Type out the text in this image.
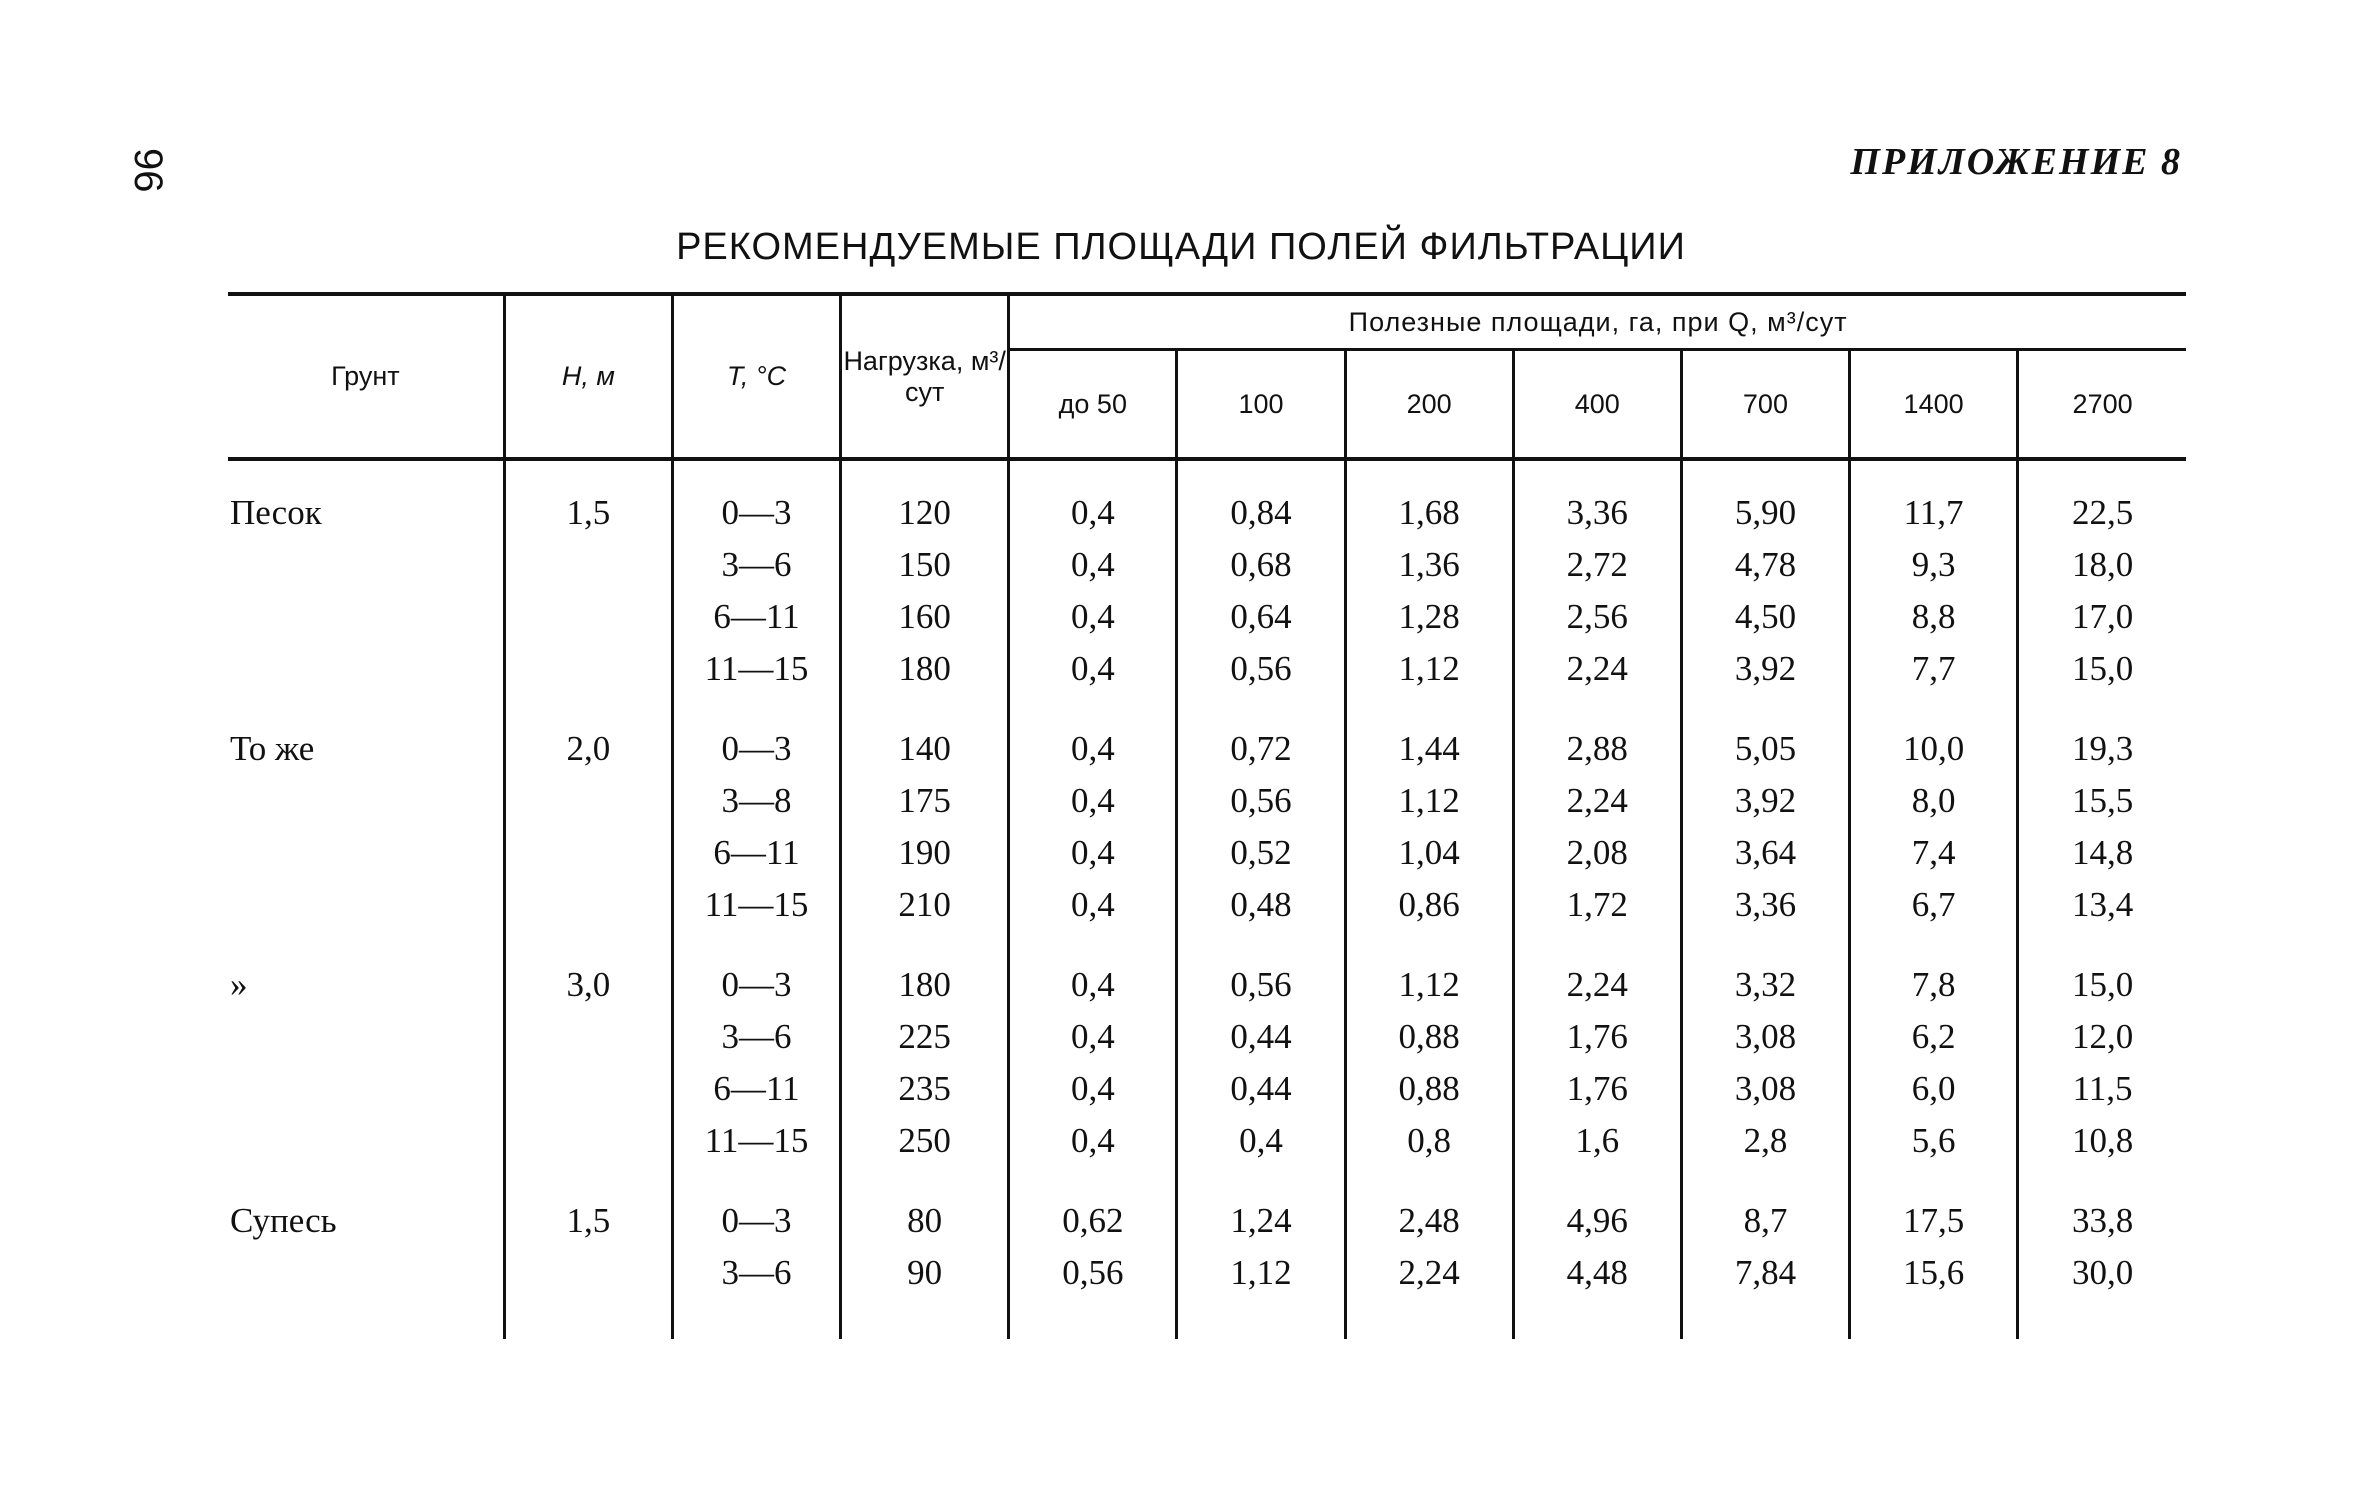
96	ПРИЛОЖЕНИЕ 8
РЕКОМЕНДУЕМЫЕ ПЛОЩАДИ ПОЛЕЙ ФИЛЬТРАЦИИ
Грунт	H, м	T, °С	Нагрузка, м³/сут	Полезные площади, га, при Q, м³/сут						
				до 50	100	200	400	700	1400	2700

Песок	1,5	0—3	120	0,4	0,84	1,68	3,36	5,90	11,7	22,5
		3—6	150	0,4	0,68	1,36	2,72	4,78	9,3	18,0
		6—11	160	0,4	0,64	1,28	2,56	4,50	8,8	17,0
		11—15	180	0,4	0,56	1,12	2,24	3,92	7,7	15,0

То же	2,0	0—3	140	0,4	0,72	1,44	2,88	5,05	10,0	19,3
		3—8	175	0,4	0,56	1,12	2,24	3,92	8,0	15,5
		6—11	190	0,4	0,52	1,04	2,08	3,64	7,4	14,8
		11—15	210	0,4	0,48	0,86	1,72	3,36	6,7	13,4

»	3,0	0—3	180	0,4	0,56	1,12	2,24	3,32	7,8	15,0
		3—6	225	0,4	0,44	0,88	1,76	3,08	6,2	12,0
		6—11	235	0,4	0,44	0,88	1,76	3,08	6,0	11,5
		11—15	250	0,4	0,4	0,8	1,6	2,8	5,6	10,8

Супесь	1,5	0—3	80	0,62	1,24	2,48	4,96	8,7	17,5	33,8
		3—6	90	0,56	1,12	2,24	4,48	7,84	15,6	30,0
